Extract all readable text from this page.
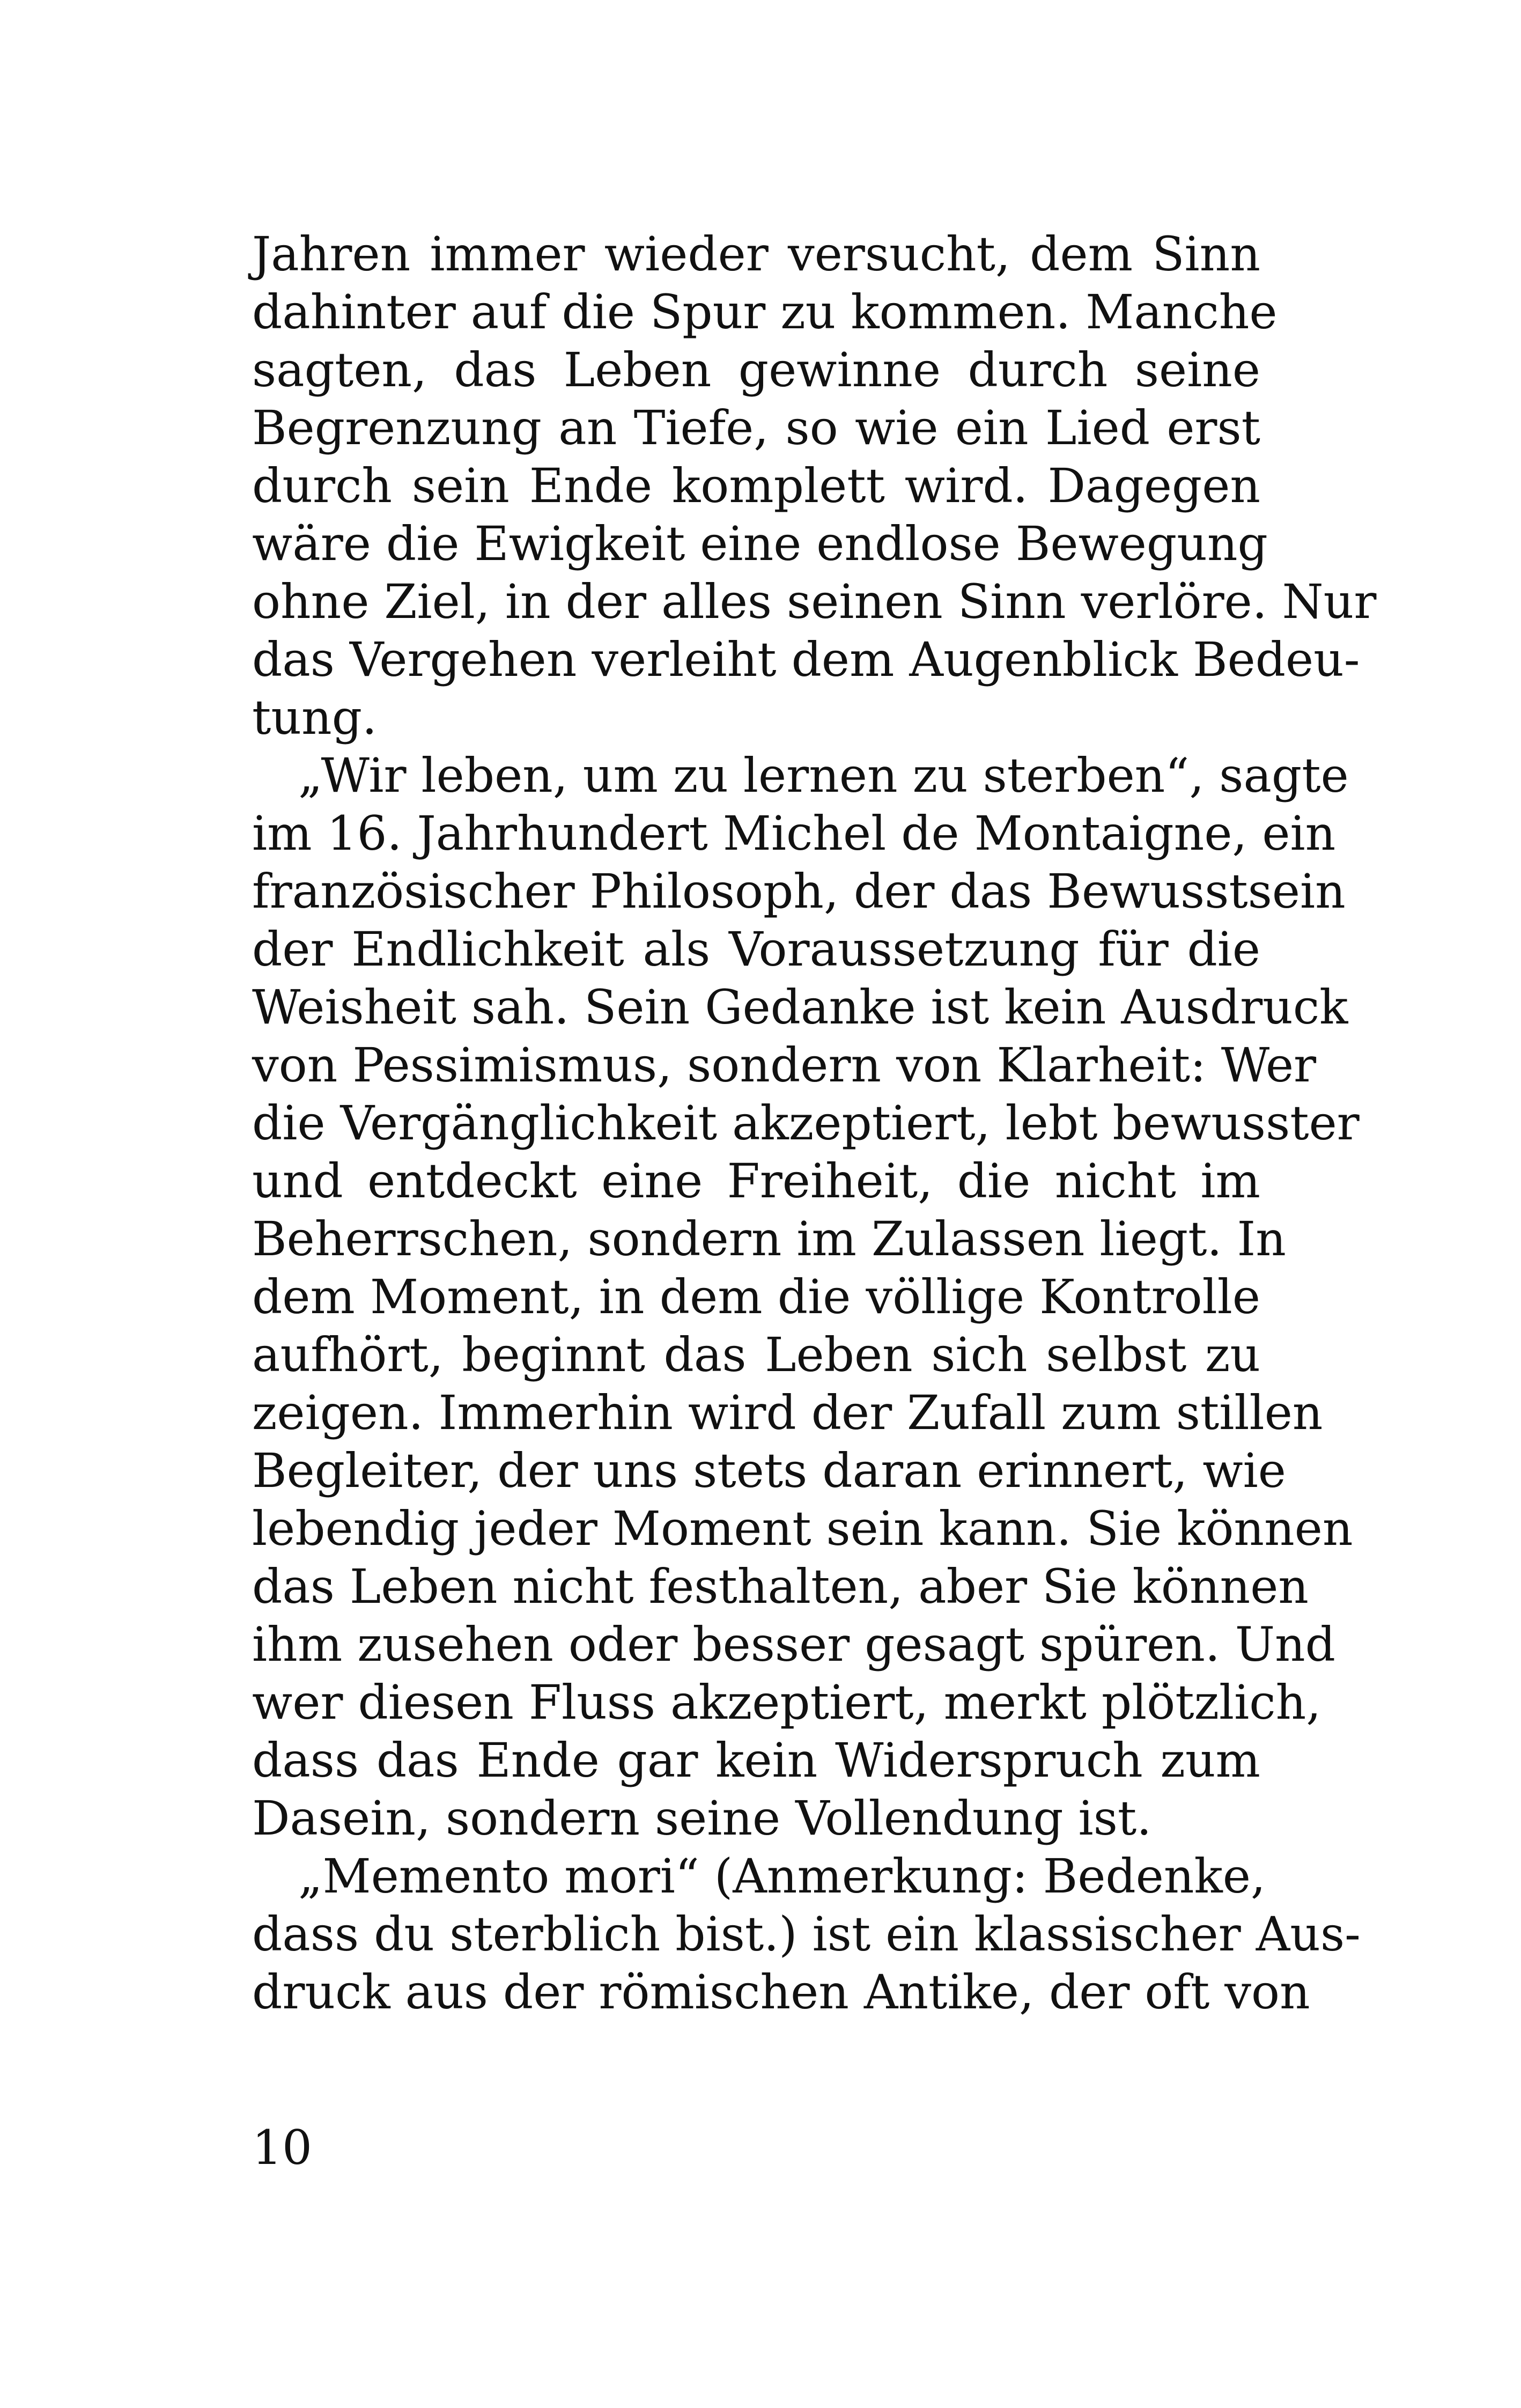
Jahren immer wieder versucht, dem Sinn
dahinter auf die Spur zu kommen. Manche
sagten, das Leben gewinne durch seine
Begrenzung an Tiefe, so wie ein Lied erst
durch sein Ende komplett wird. Dagegen
wäre die Ewigkeit eine endlose Bewegung
ohne Ziel, in der alles seinen Sinn verlöre. Nur
das Vergehen verleiht dem Augenblick Bedeu-
tung.
„Wir leben, um zu lernen zu sterben“, sagte
im 16. Jahrhundert Michel de Montaigne, ein
französischer Philosoph, der das Bewusstsein
der Endlichkeit als Voraussetzung für die
Weisheit sah. Sein Gedanke ist kein Ausdruck
von Pessimismus, sondern von Klarheit: Wer
die Vergänglichkeit akzeptiert, lebt bewusster
und entdeckt eine Freiheit, die nicht im
Beherrschen, sondern im Zulassen liegt. In
dem Moment, in dem die völlige Kontrolle
aufhört, beginnt das Leben sich selbst zu
zeigen. Immerhin wird der Zufall zum stillen
Begleiter, der uns stets daran erinnert, wie
lebendig jeder Moment sein kann. Sie können
das Leben nicht festhalten, aber Sie können
ihm zusehen oder besser gesagt spüren. Und
wer diesen Fluss akzeptiert, merkt plötzlich,
dass das Ende gar kein Widerspruch zum
Dasein, sondern seine Vollendung ist.
„Memento mori“ (Anmerkung: Bedenke,
dass du sterblich bist.) ist ein klassischer Aus-
druck aus der römischen Antike, der oft von
10
